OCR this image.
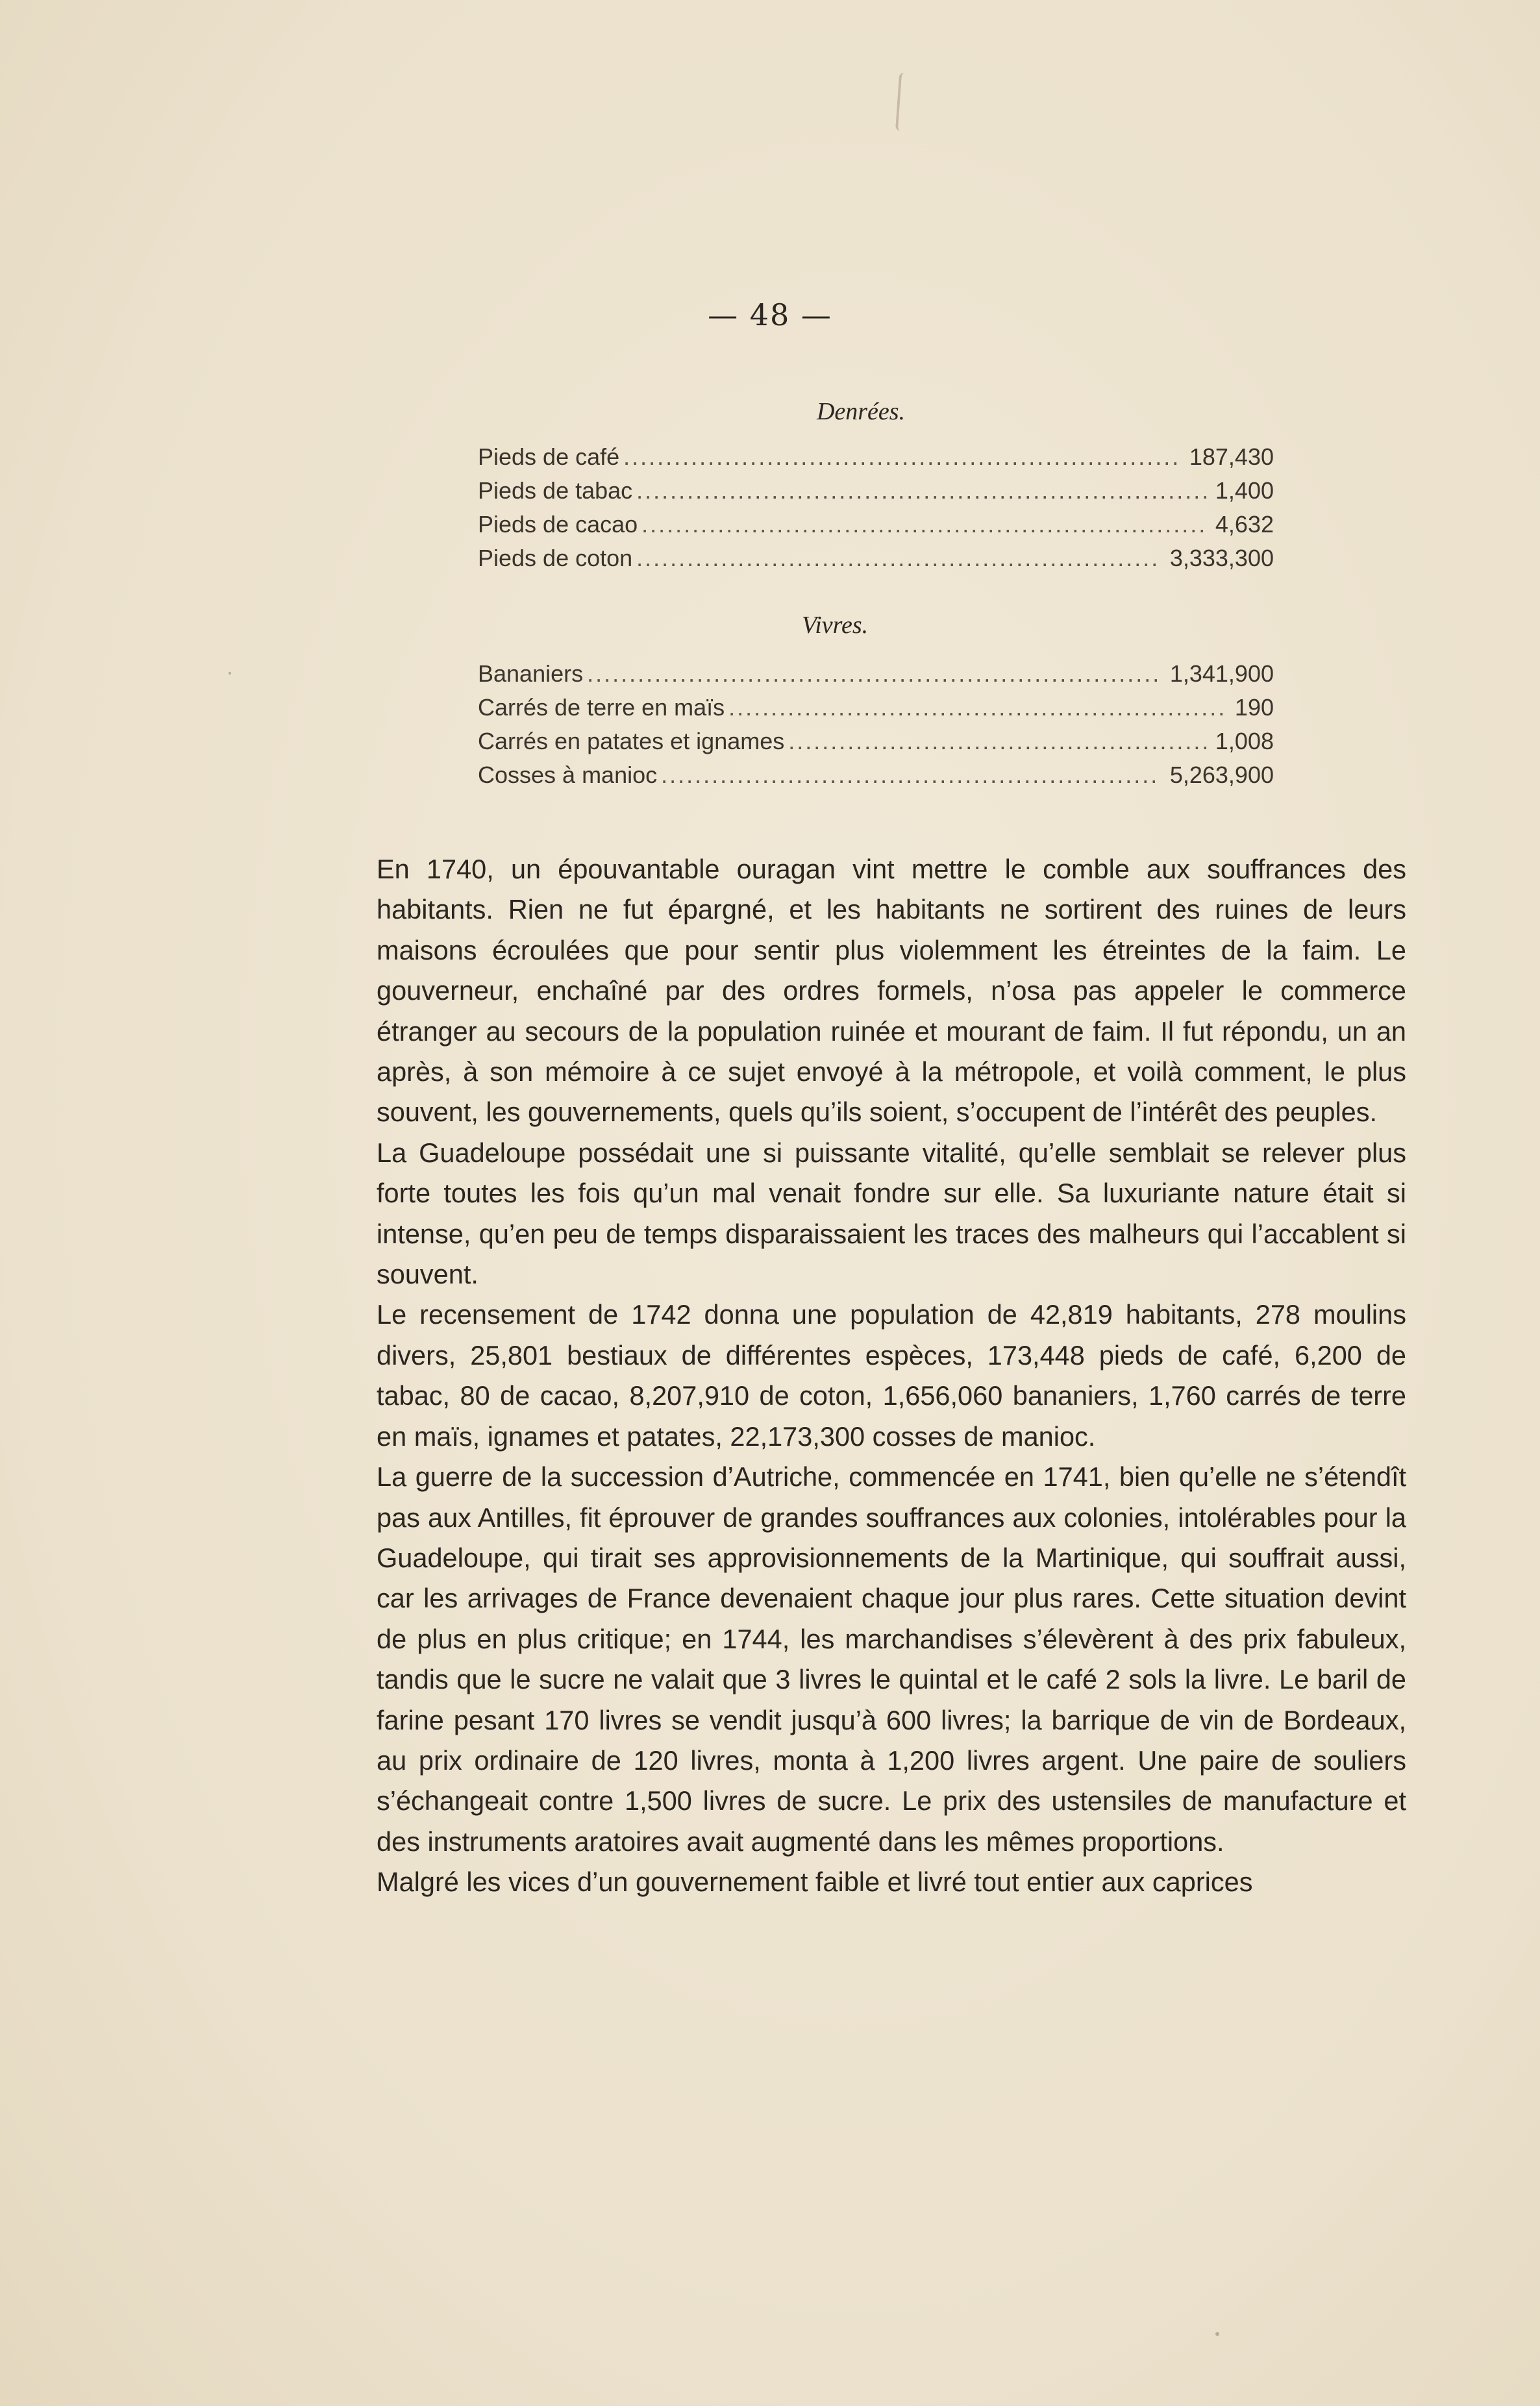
— 48 —
Denrées.
Pieds de café .....	187,430
Pieds de tabac .....	1,400
Pieds de cacao .....	4,632
Pieds de coton .....	3,333,300
Vivres.
Bananiers .....	1,341,900
Carrés de terre en maïs .....	190
Carrés en patates et ignames .....	1,008
Cosses à manioc .....	5,263,900

En 1740, un épouvantable ouragan vint mettre le comble aux souffrances des habitants. Rien ne fut épargné, et les habitants ne sortirent des ruines de leurs maisons écroulées que pour sentir plus violemment les étreintes de la faim. Le gouverneur, enchaîné par des ordres formels, n’osa pas appeler le commerce étranger au secours de la population ruinée et mourant de faim. Il fut répondu, un an après, à son mémoire à ce sujet envoyé à la métropole, et voilà comment, le plus souvent, les gouvernements, quels qu’ils soient, s’occupent de l’intérêt des peuples.

La Guadeloupe possédait une si puissante vitalité, qu’elle semblait se relever plus forte toutes les fois qu’un mal venait fondre sur elle. Sa luxuriante nature était si intense, qu’en peu de temps disparaissaient les traces des malheurs qui l’accablent si souvent.

Le recensement de 1742 donna une population de 42,819 habitants, 278 moulins divers, 25,801 bestiaux de différentes espèces, 173,448 pieds de café, 6,200 de tabac, 80 de cacao, 8,207,910 de coton, 1,656,060 bananiers, 1,760 carrés de terre en maïs, ignames et patates, 22,173,300 cosses de manioc.

La guerre de la succession d’Autriche, commencée en 1741, bien qu’elle ne s’étendît pas aux Antilles, fit éprouver de grandes souffrances aux colonies, intolérables pour la Guadeloupe, qui tirait ses approvisionnements de la Martinique, qui souffrait aussi, car les arrivages de France devenaient chaque jour plus rares. Cette situation devint de plus en plus critique; en 1744, les marchandises s’élevèrent à des prix fabuleux, tandis que le sucre ne valait que 3 livres le quintal et le café 2 sols la livre. Le baril de farine pesant 170 livres se vendit jusqu’à 600 livres; la barrique de vin de Bordeaux, au prix ordinaire de 120 livres, monta à 1,200 livres argent. Une paire de souliers s’échangeait contre 1,500 livres de sucre. Le prix des ustensiles de manufacture et des instruments aratoires avait augmenté dans les mêmes proportions.

Malgré les vices d’un gouvernement faible et livré tout entier aux caprices
